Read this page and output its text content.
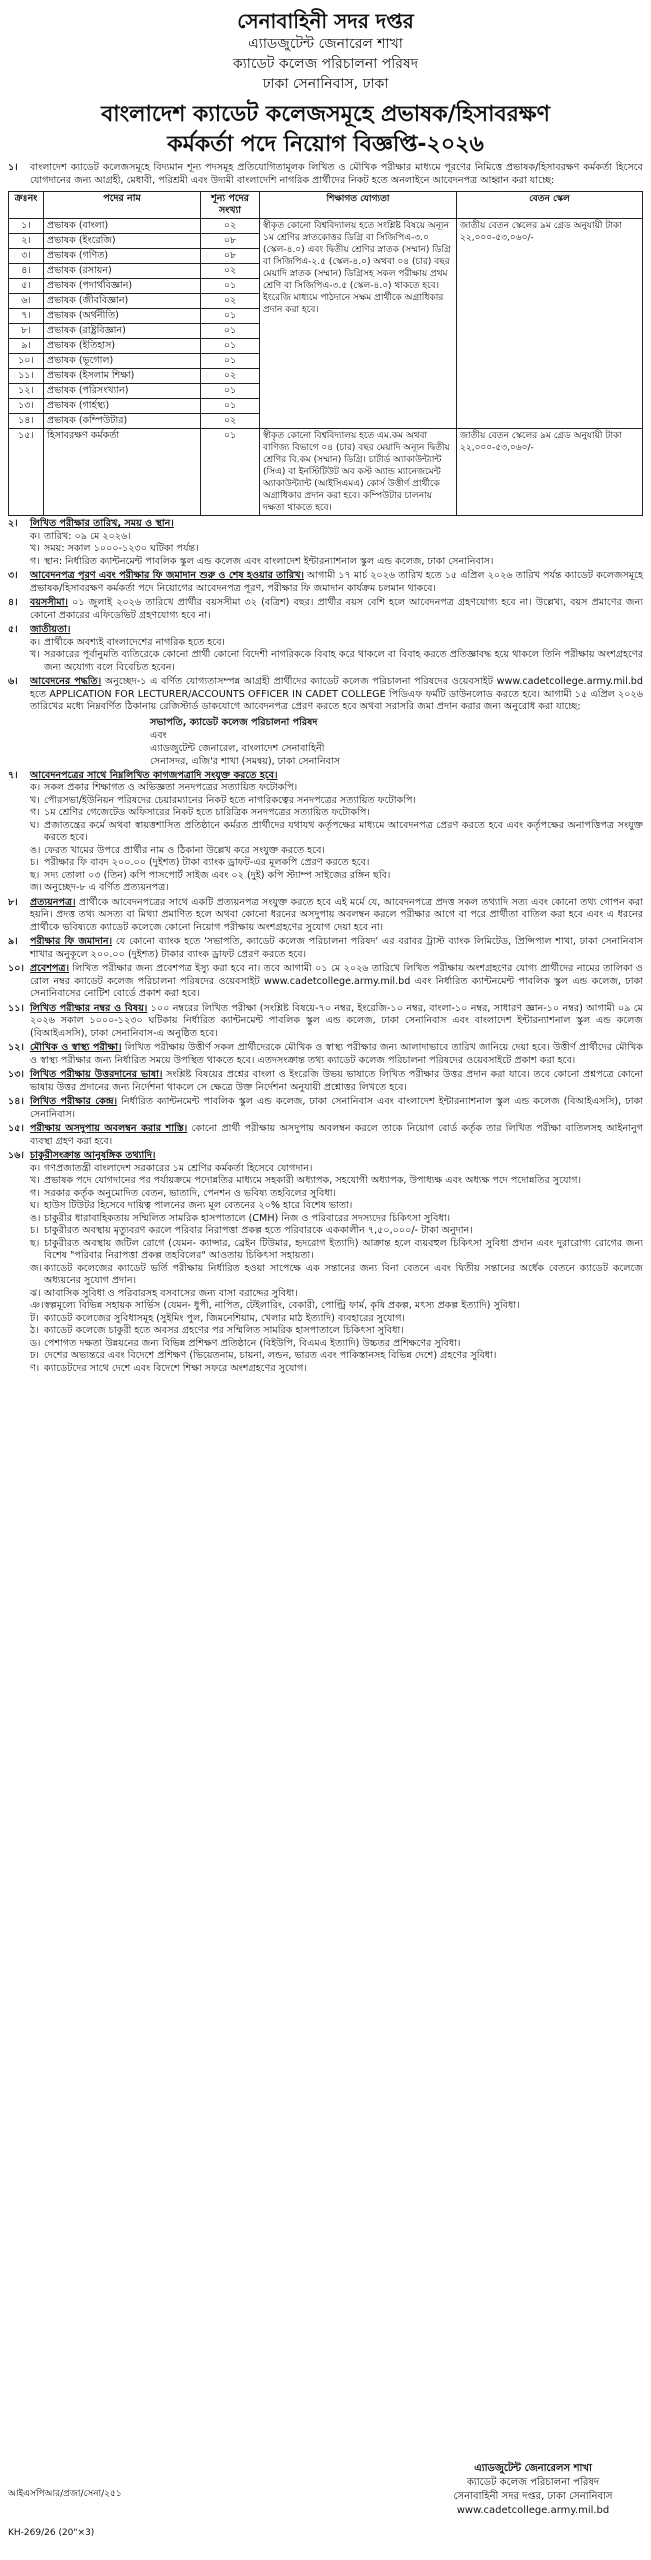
সেনাবাহিনী সদর দপ্তর
এ্যাডজুটেন্ট জেনারেল শাখা
ক্যাডেট কলেজ পরিচালনা পরিষদ
ঢাকা সেনানিবাস, ঢাকা
বাংলাদেশ ক্যাডেট কলেজসমূহে প্রভাষক/হিসাবরক্ষণ
কর্মকর্তা পদে নিয়োগ বিজ্ঞপ্তি-২০২৬
১।	বাংলাদেশ ক্যাডেট কলেজসমূহে বিদ্যমান শূন্য পদসমূহ প্রতিযোগিতামূলক লিখিত ও মৌখিক পরীক্ষার মাধ্যমে পূরণের নিমিত্তে প্রভাষক/হিসাবরক্ষণ কর্মকর্তা হিসেবে যোগদানের জন্য আগ্রহী, মেধাবী, পরিশ্রমী এবং উদ্যমী বাংলাদেশি নাগরিক প্রার্থীদের নিকট হতে অনলাইনে আবেদনপত্র আহ্বান করা যাচ্ছে:
ক্রঃনং	পদের নাম	শূন্য পদের সংখ্যা	শিক্ষাগত যোগ্যতা	বেতন স্কেল
১।	প্রভাষক (বাংলা)	০২	স্বীকৃত কোনো বিশ্ববিদ্যালয় হতে সংশ্লিষ্ট বিষয়ে অন্যূন ১ম শ্রেণির স্নাতকোত্তর ডিগ্রি বা সিজিপিএ-৩.০ (স্কেল-৪.০) এবং দ্বিতীয় শ্রেণির স্নাতক (সম্মান) ডিগ্রি বা সিজিপিএ-২.৫ (স্কেল-৪.০) অথবা ০৪ (চার) বছর মেয়াদি স্নাতক (সম্মান) ডিগ্রিসহ সকল পরীক্ষায় প্রথম শ্রেণি বা সিজিপিএ-৩.৫ (স্কেল-৪.০) থাকতে হবে। ইংরেজি মাধ্যমে পাঠদানে সক্ষম প্রার্থীকে অগ্রাধিকার প্রদান করা হবে।	জাতীয় বেতন স্কেলের ৯ম গ্রেড অনুযায়ী টাকা ২২,০০০-৫৩,০৬০/-
২।	প্রভাষক (ইংরেজি)	০৮		
৩।	প্রভাষক (গণিত)	০৮		
৪।	প্রভাষক (রসায়ন)	০২		
৫।	প্রভাষক (পদার্থবিজ্ঞান)	০১		
৬।	প্রভাষক (জীববিজ্ঞান)	০২		
৭।	প্রভাষক (অর্থনীতি)	০১		
৮।	প্রভাষক (রাষ্ট্রবিজ্ঞান)	০১		
৯।	প্রভাষক (ইতিহাস)	০১		
১০।	প্রভাষক (ভূগোল)	০১		
১১।	প্রভাষক (ইসলাম শিক্ষা)	০২		
১২।	প্রভাষক (পরিসংখ্যান)	০১		
১৩।	প্রভাষক (গার্হস্থ্য)	০১		
১৪।	প্রভাষক (কম্পিউটার)	০২		
১৫।	হিসাবরক্ষণ কর্মকর্তা	০১	স্বীকৃত কোনো বিশ্ববিদ্যালয় হতে এম.কম অথবা বাণিজ্য বিভাগে ০৪ (চার) বছর মেয়াদি অন্যূন দ্বিতীয় শ্রেণির বি.কম (সম্মান) ডিগ্রি। চার্টার্ড অ্যাকাউন্ট্যান্ট (সিএ) বা ইনস্টিটিউট অব কস্ট অ্যান্ড ম্যানেজমেন্ট অ্যাকাউন্ট্যান্ট (আইসিএমএ) কোর্স উত্তীর্ণ প্রার্থীকে অগ্রাধিকার প্রদান করা হবে। কম্পিউটার চালনায় দক্ষতা থাকতে হবে।	জাতীয় বেতন স্কেলের ৯ম গ্রেড অনুযায়ী টাকা ২২,০০০-৫৩,০৬০/-
২।	লিখিত পরীক্ষার তারিখ, সময় ও স্থান।
ক। তারিখ: ০৯ মে ২০২৬।
খ। সময়: সকাল ১০০০-১২৩০ ঘটিকা পর্যন্ত।
গ। স্থান: নির্ধারিত ক্যান্টনমেন্ট পাবলিক স্কুল এন্ড কলেজ এবং বাংলাদেশ ইন্টারন্যাশনাল স্কুল এন্ড কলেজ, ঢাকা সেনানিবাস।
৩।	আবেদনপত্র পূরণ এবং পরীক্ষার ফি জমাদান শুরু ও শেষ হওয়ার তারিখ। আগামী ১৭ মার্চ ২০২৬ তারিখ হতে ১৫ এপ্রিল ২০২৬ তারিখ পর্যন্ত ক্যাডেট কলেজসমূহে প্রভাষক/হিসাবরক্ষণ কর্মকর্তা পদে নিয়োগের আবেদনপত্র পূরণ, পরীক্ষার ফি জমাদান কার্যক্রম চলমান থাকবে।
৪।	বয়সসীমা। ০১ জুলাই ২০২৬ তারিখে প্রার্থীর বয়সসীমা ৩২ (বত্রিশ) বছর। প্রার্থীর বয়স বেশি হলে আবেদনপত্র গ্রহণযোগ্য হবে না। উল্লেখ্য, বয়স প্রমাণের জন্য কোনো প্রকারের এফিডেভিট গ্রহণযোগ্য হবে না।
৫।	জাতীয়তা।
ক। প্রার্থীকে অবশ্যই বাংলাদেশের নাগরিক হতে হবে।
খ। সরকারের পূর্বানুমতি ব্যতিরেকে কোনো প্রার্থী কোনো বিদেশী নাগরিককে বিবাহ করে থাকলে বা বিবাহ করতে প্রতিজ্ঞাবদ্ধ হয়ে থাকলে তিনি পরীক্ষায় অংশগ্রহণের জন্য অযোগ্য বলে বিবেচিত হবেন।
৬।	আবেদনের পদ্ধতি। অনুচ্ছেদ-১ এ বর্ণিত যোগ্যতাসম্পন্ন আগ্রহী প্রার্থীদের ক্যাডেট কলেজ পরিচালনা পরিষদের ওয়েবসাইট www.cadetcollege.army.mil.bd হতে APPLICATION FOR LECTURER/ACCOUNTS OFFICER IN CADET COLLEGE পিডিএফ ফর্মটি ডাউনলোড করতে হবে। আগামী ১৫ এপ্রিল ২০২৬ তারিখের মধ্যে নিম্নবর্ণিত ঠিকানায় রেজিস্টার্ড ডাকযোগে আবেদনপত্র প্রেরণ করতে হবে অথবা সরাসরি জমা প্রদান করার জন্য অনুরোধ করা যাচ্ছে:
সভাপতি, ক্যাডেট কলেজ পরিচালনা পরিষদ
এবং
এ্যাডজুটেন্ট জেনারেল, বাংলাদেশ সেনাবাহিনী
সেনাসদর, এজি'র শাখা (সমন্বয়), ঢাকা সেনানিবাস
৭।	আবেদনপত্রের সাথে নিম্নলিখিত কাগজপত্রাদি সংযুক্ত করতে হবে।
ক। সকল প্রকার শিক্ষাগত ও অভিজ্ঞতা সনদপত্রের সত্যায়িত ফটোকপি।
খ। পৌরসভা/ইউনিয়ন পরিষদের চেয়ারম্যানের নিকট হতে নাগরিকত্বের সনদপত্রের সত্যায়িত ফটোকপি।
গ। ১ম শ্রেণির গেজেটেড অফিসারের নিকট হতে চারিত্রিক সনদপত্রের সত্যায়িত ফটোকপি।
ঘ। প্রজাতন্ত্রের কর্মে অথবা স্বায়ত্তশাসিত প্রতিষ্ঠানে কর্মরত প্রার্থীদের যথাযথ কর্তৃপক্ষের মাধ্যমে আবেদনপত্র প্রেরণ করতে হবে এবং কর্তৃপক্ষের অনাপত্তিপত্র সংযুক্ত করতে হবে।
ঙ। ফেরত খামের উপরে প্রার্থীর নাম ও ঠিকানা উল্লেখ করে সংযুক্ত করতে হবে।
চ। পরীক্ষার ফি বাবদ ২০০.০০ (দুইশত) টাকা ব্যাংক ড্রাফট-এর মূলকপি প্রেরণ করতে হবে।
ছ। সদ্য তোলা ০৩ (তিন) কপি পাসপোর্ট সাইজ এবং ০২ (দুই) কপি স্ট্যাম্প সাইজের রঙ্গিন ছবি।
জ। অনুচ্ছেদ-৮ এ বর্ণিত প্রত্যয়নপত্র।
৮।	প্রত্যয়নপত্র। প্রার্থীকে আবেদনপত্রের সাথে একটি প্রত্যয়নপত্র সংযুক্ত করতে হবে এই মর্মে যে, আবেদনপত্রে প্রদত্ত সকল তথ্যাদি সত্য এবং কোনো তথ্য গোপন করা হয়নি। প্রদত্ত তথ্য অসত্য বা মিথ্যা প্রমাণিত হলে অথবা কোনো ধরনের অসদুপায় অবলম্বন করলে পরীক্ষার আগে বা পরে প্রার্থীতা বাতিল করা হবে এবং এ ধরনের প্রার্থীকে ভবিষ্যতে ক্যাডেট কলেজে কোনো নিয়োগ পরীক্ষায় অংশগ্রহণের সুযোগ দেয়া হবে না।
৯।	পরীক্ষার ফি জমাদান। যে কোনো ব্যাংক হতে 'সভাপতি, ক্যাডেট কলেজ পরিচালনা পরিষদ' এর বরাবর ট্রাস্ট ব্যাংক লিমিটেড, প্রিন্সিপাল শাখা, ঢাকা সেনানিবাস শাখার অনুকূলে ২০০.০০ (দুইশত) টাকার ব্যাংক ড্রাফট প্রেরণ করতে হবে।
১০। প্রবেশপত্র। লিখিত পরীক্ষার জন্য প্রবেশপত্র ইস্যু করা হবে না। তবে আগামী ০১ মে ২০২৬ তারিখে লিখিত পরীক্ষায় অংশগ্রহণের যোগ্য প্রার্থীদের নামের তালিকা ও রোল নম্বর ক্যাডেট কলেজ পরিচালনা পরিষদের ওয়েবসাইট www.cadetcollege.army.mil.bd এবং নির্ধারিত ক্যান্টনমেন্ট পাবলিক স্কুল এন্ড কলেজ, ঢাকা সেনানিবাসের নোটিশ বোর্ডে প্রকাশ করা হবে।
১১। লিখিত পরীক্ষার নম্বর ও বিষয়। ১০০ নম্বরের লিখিত পরীক্ষা (সংশ্লিষ্ট বিষয়ে-৭০ নম্বর, ইংরেজি-১০ নম্বর, বাংলা-১০ নম্বর, সাধারণ জ্ঞান-১০ নম্বর) আগামী ০৯ মে ২০২৬ সকাল ১০০০-১২৩০ ঘটিকায় নির্ধারিত ক্যান্টনমেন্ট পাবলিক স্কুল এন্ড কলেজ, ঢাকা সেনানিবাস এবং বাংলাদেশ ইন্টারন্যাশনাল স্কুল এন্ড কলেজ (বিআইএসসি), ঢাকা সেনানিবাস-এ অনুষ্ঠিত হবে।
১২। মৌখিক ও স্বাস্থ্য পরীক্ষা। লিখিত পরীক্ষায় উত্তীর্ণ সকল প্রার্থীদেরকে মৌখিক ও স্বাস্থ্য পরীক্ষার জন্য আলাদাভাবে তারিখ জানিয়ে দেয়া হবে। উত্তীর্ণ প্রার্থীদের মৌখিক ও স্বাস্থ্য পরীক্ষার জন্য নির্ধারিত সময়ে উপস্থিত থাকতে হবে। এতদসংক্রান্ত তথ্য ক্যাডেট কলেজ পরিচালনা পরিষদের ওয়েবসাইটে প্রকাশ করা হবে।
১৩। লিখিত পরীক্ষায় উত্তরদানের ভাষা। সংশ্লিষ্ট বিষয়ের প্রশ্নের বাংলা ও ইংরেজি উভয় ভাষাতে লিখিত পরীক্ষার উত্তর প্রদান করা যাবে। তবে কোনো প্রশ্নপত্রে কোনো ভাষায় উত্তর প্রদানের জন্য নির্দেশনা থাকলে সে ক্ষেত্রে উক্ত নির্দেশনা অনুযায়ী প্রশ্নোত্তর লিখতে হবে।
১৪। লিখিত পরীক্ষার কেন্দ্র। নির্ধারিত ক্যান্টনমেন্ট পাবলিক স্কুল এন্ড কলেজ, ঢাকা সেনানিবাস এবং বাংলাদেশ ইন্টারন্যাশনাল স্কুল এন্ড কলেজ (বিআইএসসি), ঢাকা সেনানিবাস।
১৫। পরীক্ষায় অসদুপায় অবলম্বন করার শাস্তি। কোনো প্রার্থী পরীক্ষায় অসদুপায় অবলম্বন করলে তাকে নিয়োগ বোর্ড কর্তৃক তার লিখিত পরীক্ষা বাতিলসহ আইনানুগ ব্যবস্থা গ্রহণ করা হবে।
১৬। চাকুরীসংক্রান্ত আনুষঙ্গিক তথ্যাদি।
ক। গণপ্রজাতন্ত্রী বাংলাদেশ সরকারের ১ম শ্রেণির কর্মকর্তা হিসেবে যোগদান।
খ। প্রভাষক পদে যোগদানের পর পর্যায়ক্রমে পদোন্নতির মাধ্যমে সহকারী অধ্যাপক, সহযোগী অধ্যাপক, উপাধ্যক্ষ এবং অধ্যক্ষ পদে পদোন্নতির সুযোগ।
গ। সরকার কর্তৃক অনুমোদিত বেতন, ভাতাদি, পেনশন ও ভবিষ্য তহবিলের সুবিধা।
ঘ। হাউস টিউটর হিসেবে দায়িত্ব পালনের জন্য মূল বেতনের ২০% হারে বিশেষ ভাতা।
ঙ। চাকুরীর ধারাবাহিকতায় সম্মিলিত সামরিক হাসপাতালে (CMH) নিজ ও পরিবারের সদস্যদের চিকিৎসা সুবিধা।
চ। চাকুরীরত অবস্থায় মৃত্যুবরণ করলে পরিবার নিরাপত্তা প্রকল্প হতে পরিবারকে এককালীন ৭,৫০,০০০/- টাকা অনুদান।
ছ। চাকুরীরত অবস্থায় জটিল রোগে (যেমন- ক্যান্সার, ব্রেইন টিউমার, হৃদরোগ ইত্যাদি) আক্রান্ত হলে ব্যয়বহুল চিকিৎসা সুবিধা প্রদান এবং দুরারোগ্য রোগের জন্য বিশেষ "পরিবার নিরাপত্তা প্রকল্প তহবিলের" আওতায় চিকিৎসা সহায়তা।
জ। ক্যাডেট কলেজের ক্যাডেট ভর্তি পরীক্ষায় নির্ধারিত হওয়া সাপেক্ষে এক সন্তানের জন্য বিনা বেতনে এবং দ্বিতীয় সন্তানের অর্ধেক বেতনে ক্যাডেট কলেজে অধ্যয়নের সুযোগ প্রদান।
ঝ। আবাসিক সুবিধা ও পরিবারসহ বসবাসের জন্য বাসা বরাদ্দের সুবিধা।
ঞ। স্বল্পমূল্যে বিভিন্ন সহায়ক সার্ভিস (যেমন- ধুপী, নাপিত, টেইলারিং, বেকারী, পোল্ট্রি ফার্ম, কৃষি প্রকল্প, মৎস্য প্রকল্প ইত্যাদি) সুবিধা।
ট। ক্যাডেট কলেজের সুবিধাসমূহ (সুইমিং পুল, জিমনেশিয়াম, খেলার মাঠ ইত্যাদি) ব্যবহারের সুযোগ।
ঠ। ক্যাডেট কলেজে চাকুরী হতে অবসর গ্রহণের পর সম্মিলিত সামরিক হাসপাতালে চিকিৎসা সুবিধা।
ড। পেশাগত দক্ষতা উন্নয়নের জন্য বিভিন্ন প্রশিক্ষণ প্রতিষ্ঠানে (বিইউপি, বিএমএ ইত্যাদি) উচ্চতর প্রশিক্ষণের সুবিধা।
ঢ। দেশের অভ্যন্তরে এবং বিদেশে প্রশিক্ষণ (ভিয়েতনাম, চায়না, লন্ডন, ভারত এবং পাকিস্তানসহ বিভিন্ন দেশে) গ্রহণের সুবিধা।
ণ। ক্যাডেটদের সাথে দেশে এবং বিদেশে শিক্ষা সফরে অংশগ্রহণের সুযোগ।
আইএসপিআর/প্রজা/সেনা/২৫১
KH-269/26 (20"×3)
এ্যাডজুটেন্ট জেনারেলস শাখা
ক্যাডেট কলেজ পরিচালনা পরিষদ
সেনাবাহিনী সদর দপ্তর, ঢাকা সেনানিবাস
www.cadetcollege.army.mil.bd
